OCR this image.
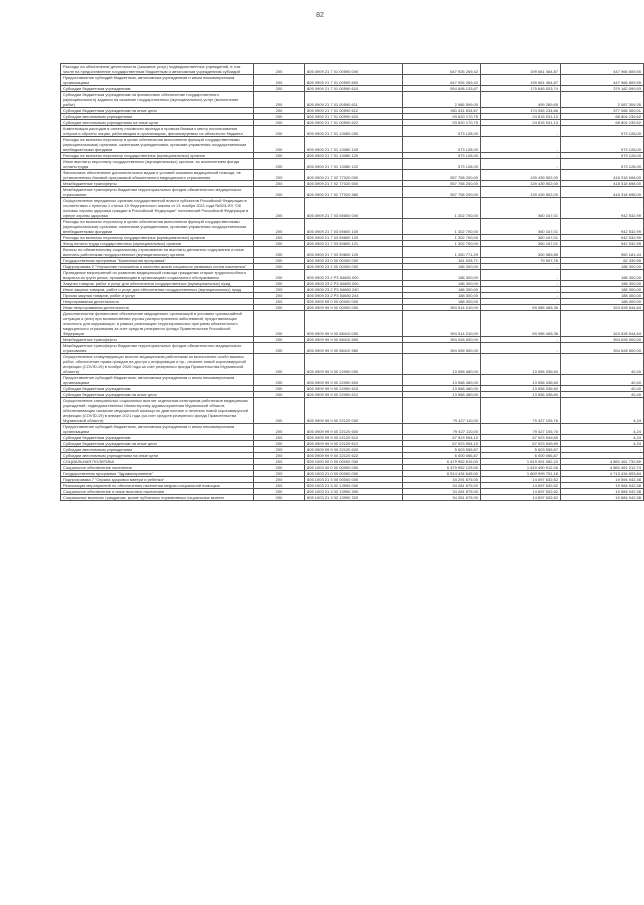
82
Расходы на обеспечение деятельности (оказание услуг) подведомственных учреждений, в том числе на предоставление государственным бюджетным и автономным учреждениям субсидий	200	805 0909 21 7 01 00590 000	647 926 269,42	199 661 464,87	447 966 809,55
Предоставление субсидий бюджетным, автономным учреждениям и иным некоммерческим организациям	200	805 0909 21 7 01 00590 600	647 926 269,42	199 661 464,87	447 966 809,55
Субсидии бюджетным учреждениям	200	805 0909 21 7 01 00590 610	554 898 133,67	175 645 533,74	379 182 599,93
Субсидии бюджетным учреждениям на финансовое обеспечение государственного (муниципального) задания на оказание государственных (муниципальных) услуг (выполнение работ)	200	805 0909 21 7 01 00590 611	2 586 599,00	499 289,65	2 087 309,35
Субсидии бюджетным учреждениям на иные цели	200	805 0909 21 7 01 00590 612	551 611 534,67	174 545 234,66	377 066 300,01
Субсидии автономным учреждениям	200	805 0909 21 7 01 00590 620	93 620 170,75	24 815 931,13	68 804 239,62
Субсидии автономным учреждениям на иные цели	200	805 0909 21 7 01 00590 622	93 620 170,75	24 815 931,13	68 804 239,62
Компенсация расходов в оплату стоимости проезда и провоза багажа к месту использования отпуска и обратно лицам, работающим в организациях, финансируемых из областного бюджета	200	805 0909 21 7 01 13080 000	573 128,00	-	573 128,00
Расходы на выплаты персоналу в целях обеспечения выполнения функций государственными (муниципальными) органами, казенными учреждениями, органами управления государственными внебюджетными фондами	200	805 0909 21 7 01 13080 100	573 128,00	-	573 128,00
Расходы на выплаты персоналу государственных (муниципальных) органов	200	805 0909 21 7 01 13080 120	573 128,00	-	573 128,00
Иные выплаты персоналу государственных (муниципальных) органов, за исключением фонда оплаты труда	200	805 0909 21 7 01 13080 122	573 128,00	-	573 128,00
Финансовое обеспечение дополнительных видов и условий оказания медицинской помощи, не установленных базовой программой обязательного медицинского страхования	200	805 0909 21 7 02 77020 000	557 758 200,00	139 439 502,00	418 318 698,00
Межбюджетные трансферты	200	805 0909 21 7 02 77020 500	557 758 200,00	139 439 502,00	418 318 698,00
Межбюджетные трансферты бюджетам территориальных фондов обязательного медицинского страхования	200	805 0909 21 7 02 77020 580	557 758 200,00	139 439 502,00	418 318 698,00
Осуществление переданных органам государственной власти субъектов Российской Федерации в соответствии с пунктом 1 статьи 15 Федерального закона от 21 ноября 2011 года №323-ФЗ "Об основах охраны здоровья граждан в Российской Федерации" полномочий Российской Федерации в сфере охраны здоровья	200	805 0909 21 7 03 59800 000	1 302 700,00	360 167,01	942 532,99
Расходы на выплаты персоналу в целях обеспечения выполнения функций государственными (муниципальными) органами, казенными учреждениями, органами управления государственными внебюджетными фондами	200	805 0909 21 7 03 59800 100	1 302 700,00	360 167,01	942 532,99
Расходы на выплаты персоналу государственных (муниципальных) органов	200	805 0909 21 7 03 59800 120	1 302 700,00	360 167,01	942 532,99
Фонд оплаты труда государственных (муниципальных) органов	200	805 0909 21 7 03 59800 121	1 302 700,00	360 167,01	942 532,99
Взносы по обязательному социальному страхованию на выплаты денежного содержания и иные выплаты работникам государственных (муниципальных) органов	200	805 0909 21 7 03 59800 129	1 260 771,29	300 589,85	960 181,44
Государственная программа "Комплексная программа"	200	805 0909 23 0 00 00000 000	161 928,71	79 597,76	82 330,95
Подпрограмма 2 "Улучшение положения и качества жизни социально уязвимых слоев населения"	200	805 0909 23 2 00 00000 000	188 300,00	-	188 300,00
Проведение мероприятий по развитию медицинской помощи гражданам старше трудоспособного возраста из групп риска, проживающим в организациях социального обслуживания	200	805 0909 23 2 P3 54680 000	188 300,00	-	188 300,00
Закупка товаров, работ и услуг для обеспечения государственных (муниципальных) нужд	200	805 0909 23 2 P3 54680 200	188 300,00	-	188 300,00
Иные закупки товаров, работ и услуг для обеспечения государственных (муниципальных) нужд	200	805 0909 23 2 P3 54680 240	188 300,00	-	188 300,00
Прочая закупка товаров, работ и услуг	200	805 0909 23 2 P3 54680 244	188 300,00	-	188 300,00
Непрограммная деятельность	200	805 0909 99 0 00 00000 000	188 300,00	-	188 300,00
Иная непрограммная деятельность	200	805 0909 99 9 00 00000 000	394 514 010,00	69 985 465,36	324 528 544,64
Дополнительное финансовое обеспечение медицинских организаций в условиях чрезвычайной ситуации и (или) при возникновении угрозы распространения заболеваний, представляющих опасность для окружающих, в рамках реализации территориальных программ обязательного медицинского страхования за счет средств резервного фонда Правительства Российской Федерации	200	805 0909 99 9 00 58410 000	394 514 010,00	69 985 465,36	324 528 544,64
Межбюджетные трансферты	200	805 0909 99 9 00 58410 500	394 528 500,00	-	394 528 500,00
Межбюджетные трансферты бюджетам территориальных фондов обязательного медицинского страхования	200	805 0909 99 9 00 58410 580	394 528 500,00	-	394 528 500,00
Осуществление стимулирующих выплат медицинским работникам за выполнение особо важных работ, обеспечение права граждан на доступ к информации и пр.; лечение новой коронавирусной инфекции (COVID-19) в ноябре 2020 года за счет резервного фонда Правительства Мурманской области)	200	805 0909 99 9 00 22090 000	13 568 480,00	13 556 336,60	40,40
Предоставление субсидий бюджетным, автономным учреждениям и иным некоммерческим организациям	200	805 0909 99 9 00 22090 600	13 568 480,00	13 556 336,60	40,40
Субсидии бюджетным учреждениям	200	805 0909 99 9 00 22090 610	13 568 480,00	13 556 336,60	40,40
Субсидии бюджетным учреждениям на иные цели	200	805 0909 99 9 00 22090 612	13 568 480,00	13 556 336,60	40,40
Осуществление специальных социальных выплат отдельным категориям работников медицинских учреждений, подведомственных Министерству здравоохранения Мурманской области, обеспечивающих оказание медицинской помощи по диагностике и лечению новой коронавирусной инфекции (COVID-19) в январе 2021 года (за счет средств резервного фонда Правительства Мурманской области)	200	805 0909 99 9 00 22120 000	79 427 110,00	79 427 105,76	4,24
Предоставление субсидий бюджетным, автономным учреждениям и иным некоммерческим организациям	200	805 0909 99 9 00 22120 600	79 427 110,00	79 427 105,76	4,24
Субсидии бюджетным учреждениям	200	805 0909 99 9 00 22120 610	67 923 554,10	67 923 549,89	4,24
Субсидии бюджетным учреждениям на иные цели	200	805 0909 99 9 00 22120 612	67 923 554,10	67 923 549,89	4,24
Субсидии автономным учреждениям	200	805 0909 99 9 00 22120 620	5 503 555,87	5 503 555,87	-
Субсидии автономным учреждениям на иные цели	200	805 0909 99 9 00 22120 622	6 000 066,87	6 000 066,87	-
СОЦИАЛЬНАЯ ПОЛИТИКА	200	805 1000 00 0 00 00000 000	6 479 952 815,00	1 619 491 082,20	4 860 461 732,80
Социальное обеспечение населения	200	805 1003 00 0 00 00000 000	6 479 952 125,00	1 619 490 912,26	4 860 461 212,74
Государственная программа "Здравоохранение"	200	805 1003 21 0 00 00000 000	6 514 434 645,00	1 800 999 751,16	4 713 434 893,84
Подпрограмма 7 "Охрана здоровья матери и ребенка"	200	805 1003 21 3 00 00000 000	34 291 675,00	14 697 632,62	19 594 042,38
Реализация мероприятий по обеспечению населения медико-социальной помощью	200	805 1003 21 3 02 13990 000	34 281 675,00	14 697 632,62	19 584 042,38
Социальное обеспечение и иные выплаты населению	200	805 1003 21 3 02 13990 300	34 281 675,00	14 697 632,62	19 584 042,38
Социальные выплаты гражданам, кроме публичных нормативных социальных выплат	200	805 1003 21 3 02 13990 320	34 281 675,00	14 697 632,62	19 584 042,38
